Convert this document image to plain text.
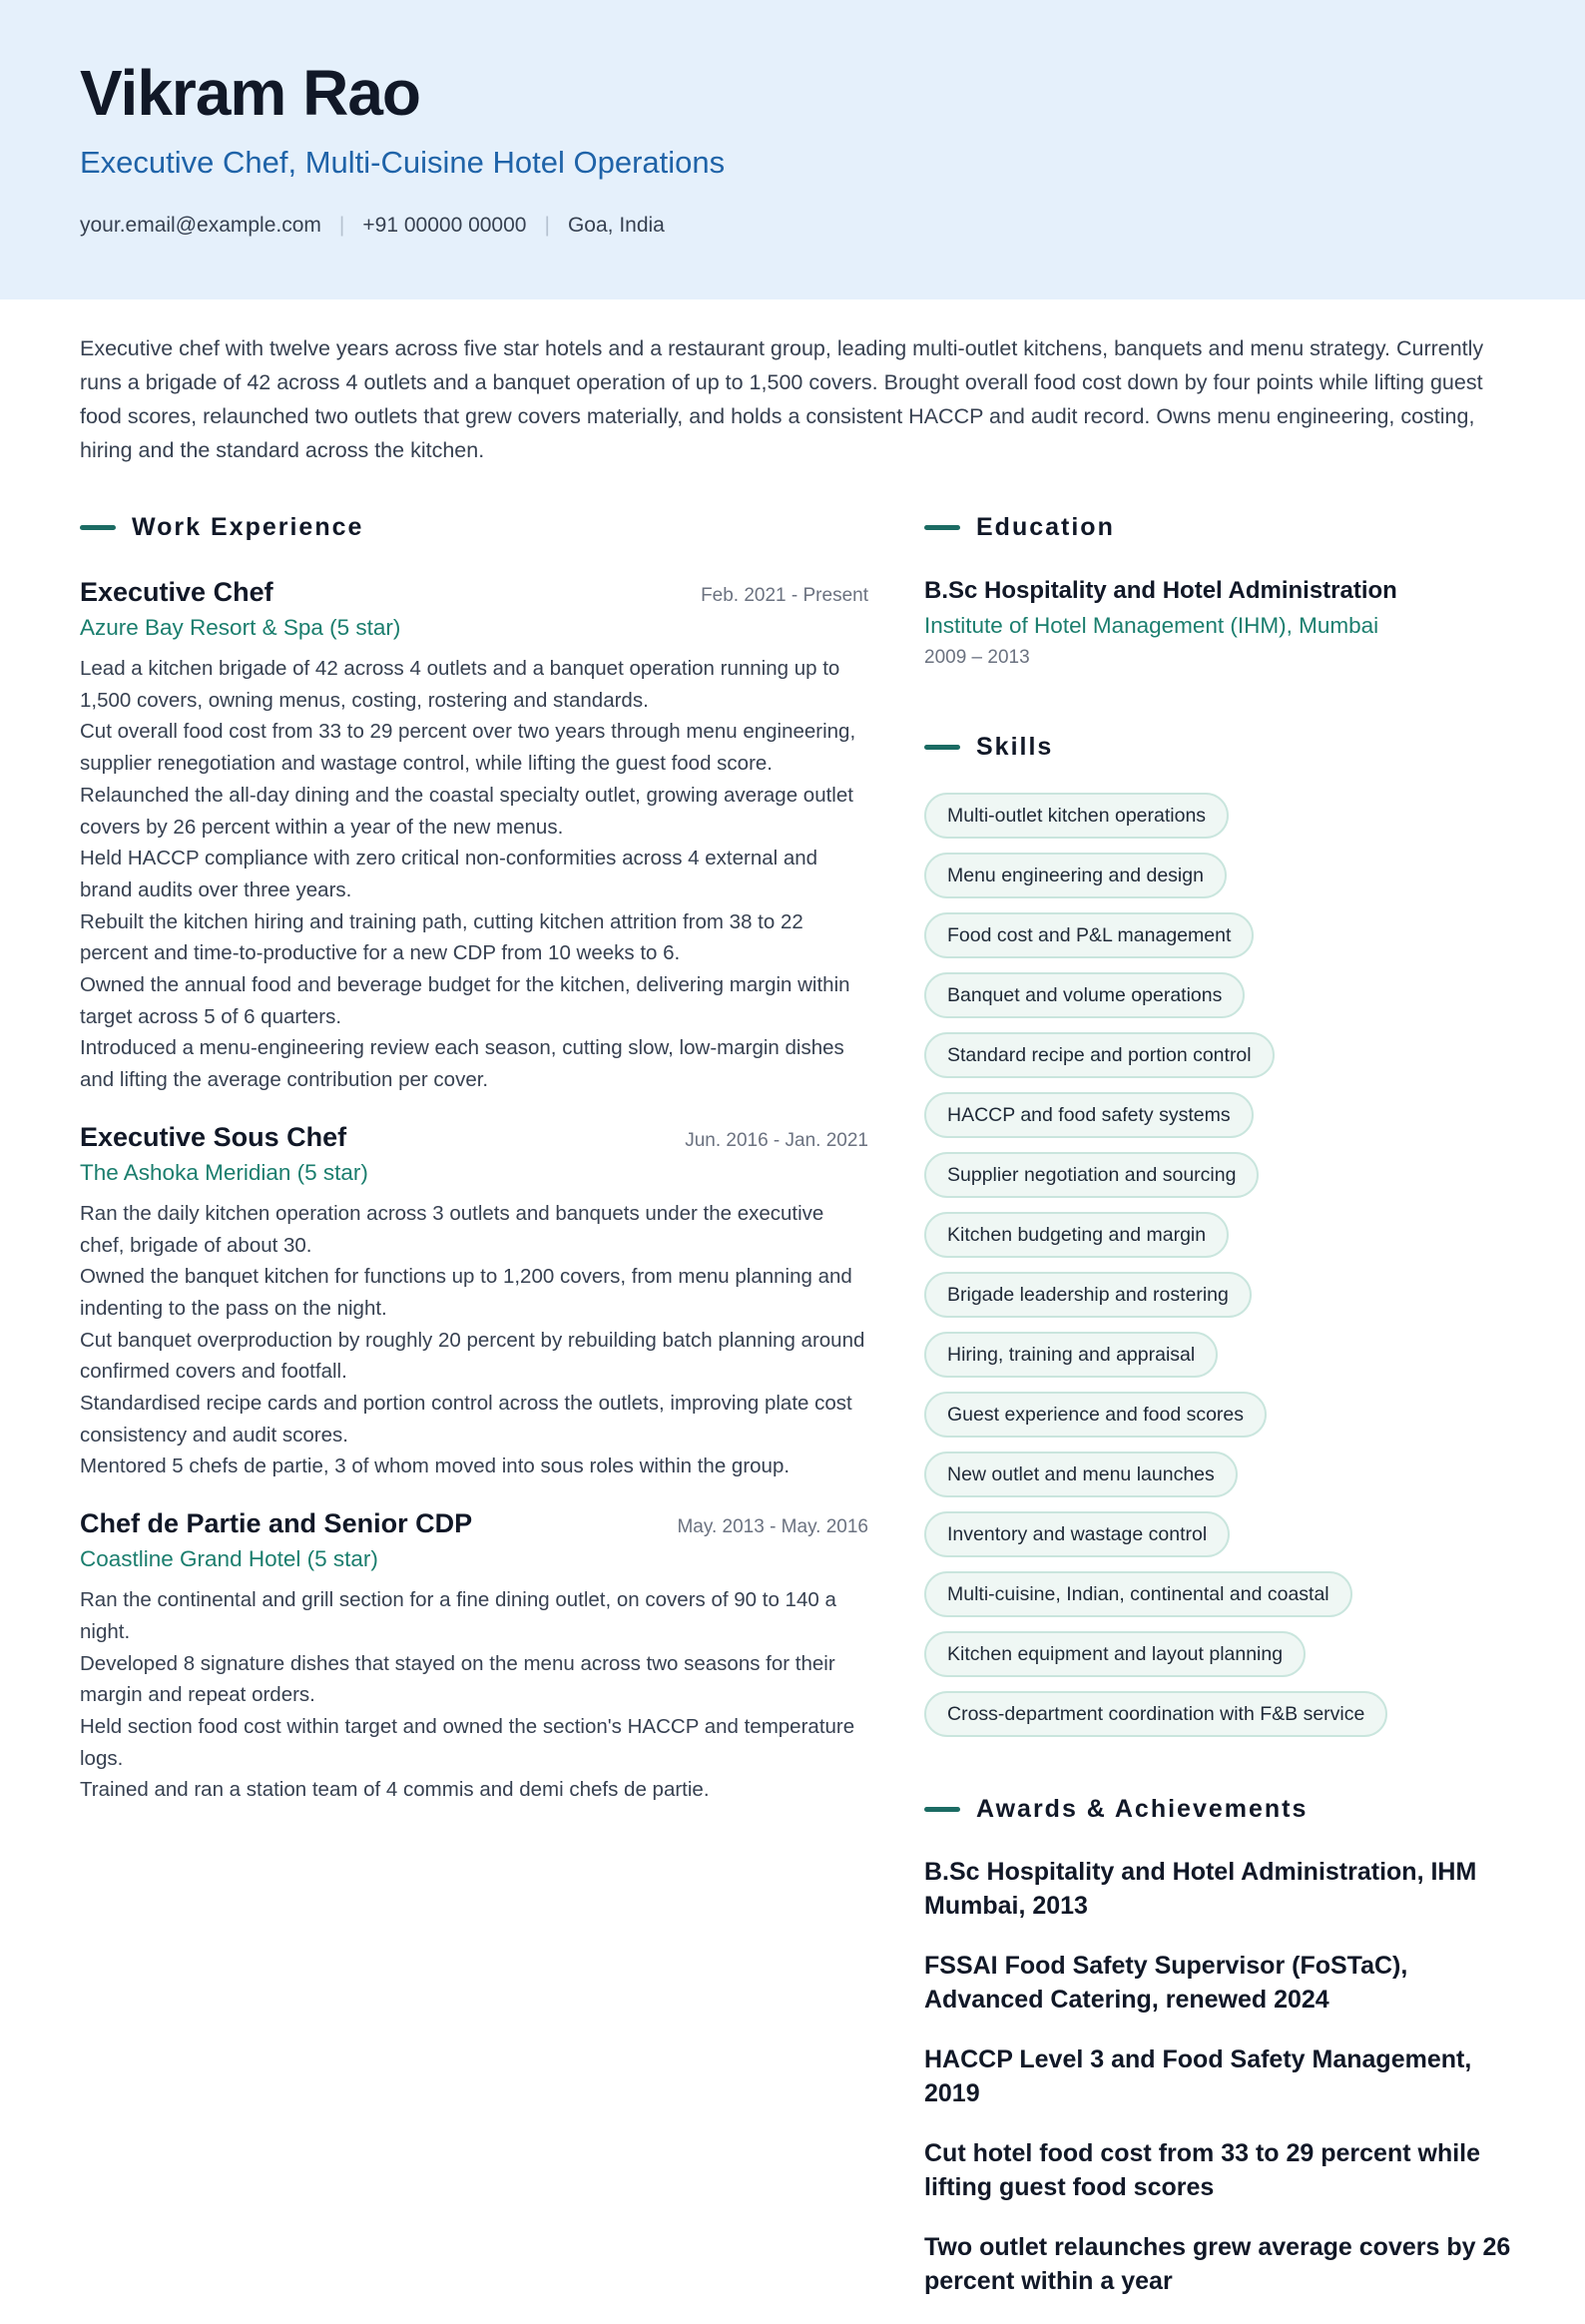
Vikram Rao
Executive Chef, Multi-Cuisine Hotel Operations
your.email@example.com | +91 00000 00000 | Goa, India

Executive chef with twelve years across five star hotels and a restaurant group, leading multi-outlet kitchens, banquets and menu strategy. Currently runs a brigade of 42 across 4 outlets and a banquet operation of up to 1,500 covers. Brought overall food cost down by four points while lifting guest food scores, relaunched two outlets that grew covers materially, and holds a consistent HACCP and audit record. Owns menu engineering, costing, hiring and the standard across the kitchen.

Work Experience
Executive Chef	Feb. 2021 - Present
Azure Bay Resort & Spa (5 star)
Lead a kitchen brigade of 42 across 4 outlets and a banquet operation running up to 1,500 covers, owning menus, costing, rostering and standards.
Cut overall food cost from 33 to 29 percent over two years through menu engineering, supplier renegotiation and wastage control, while lifting the guest food score.
Relaunched the all-day dining and the coastal specialty outlet, growing average outlet covers by 26 percent within a year of the new menus.
Held HACCP compliance with zero critical non-conformities across 4 external and brand audits over three years.
Rebuilt the kitchen hiring and training path, cutting kitchen attrition from 38 to 22 percent and time-to-productive for a new CDP from 10 weeks to 6.
Owned the annual food and beverage budget for the kitchen, delivering margin within target across 5 of 6 quarters.
Introduced a menu-engineering review each season, cutting slow, low-margin dishes and lifting the average contribution per cover.
Executive Sous Chef	Jun. 2016 - Jan. 2021
The Ashoka Meridian (5 star)
Ran the daily kitchen operation across 3 outlets and banquets under the executive chef, brigade of about 30.
Owned the banquet kitchen for functions up to 1,200 covers, from menu planning and indenting to the pass on the night.
Cut banquet overproduction by roughly 20 percent by rebuilding batch planning around confirmed covers and footfall.
Standardised recipe cards and portion control across the outlets, improving plate cost consistency and audit scores.
Mentored 5 chefs de partie, 3 of whom moved into sous roles within the group.
Chef de Partie and Senior CDP	May. 2013 - May. 2016
Coastline Grand Hotel (5 star)
Ran the continental and grill section for a fine dining outlet, on covers of 90 to 140 a night.
Developed 8 signature dishes that stayed on the menu across two seasons for their margin and repeat orders.
Held section food cost within target and owned the section's HACCP and temperature logs.
Trained and ran a station team of 4 commis and demi chefs de partie.
Education
B.Sc Hospitality and Hotel Administration
Institute of Hotel Management (IHM), Mumbai
2009 – 2013
Skills
Multi-outlet kitchen operations
Menu engineering and design
Food cost and P&L management
Banquet and volume operations
Standard recipe and portion control
HACCP and food safety systems
Supplier negotiation and sourcing
Kitchen budgeting and margin
Brigade leadership and rostering
Hiring, training and appraisal
Guest experience and food scores
New outlet and menu launches
Inventory and wastage control
Multi-cuisine, Indian, continental and coastal
Kitchen equipment and layout planning
Cross-department coordination with F&B service
Awards & Achievements
B.Sc Hospitality and Hotel Administration, IHM Mumbai, 2013
FSSAI Food Safety Supervisor (FoSTaC), Advanced Catering, renewed 2024
HACCP Level 3 and Food Safety Management, 2019
Cut hotel food cost from 33 to 29 percent while lifting guest food scores
Two outlet relaunches grew average covers by 26 percent within a year
